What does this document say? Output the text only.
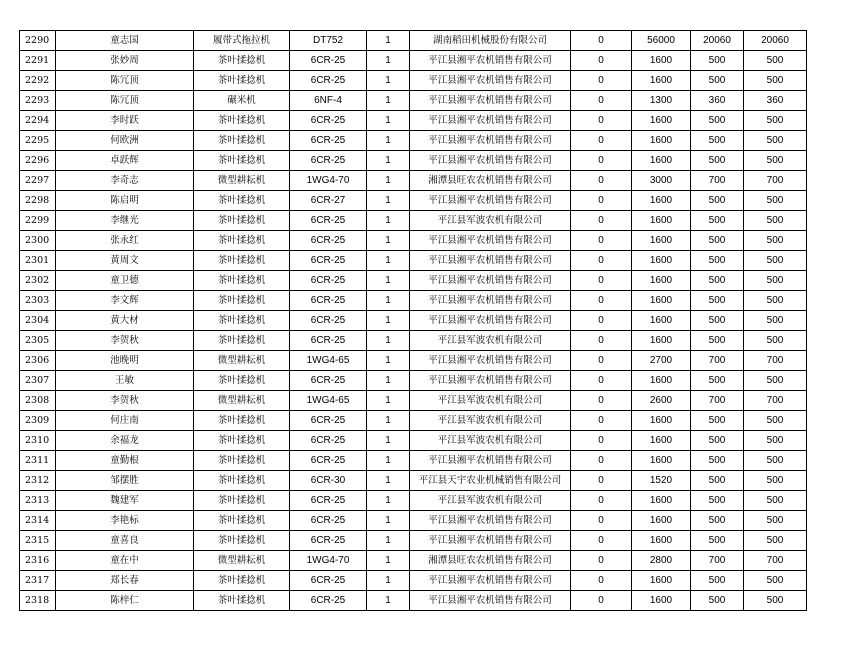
2290	童志国	履带式拖拉机	DT752	1	湖南稻田机械股份有限公司	0	56000	20060	20060
2291	张妙周	茶叶揉捻机	6CR-25	1	平江县湘平农机销售有限公司	0	1600	500	500
2292	陈冗顶	茶叶揉捻机	6CR-25	1	平江县湘平农机销售有限公司	0	1600	500	500
2293	陈冗顶	碾米机	6NF-4	1	平江县湘平农机销售有限公司	0	1300	360	360
2294	李时跃	茶叶揉捻机	6CR-25	1	平江县湘平农机销售有限公司	0	1600	500	500
2295	何欧洲	茶叶揉捻机	6CR-25	1	平江县湘平农机销售有限公司	0	1600	500	500
2296	卓跃辉	茶叶揉捻机	6CR-25	1	平江县湘平农机销售有限公司	0	1600	500	500
2297	李奇志	微型耕耘机	1WG4-70	1	湘潭县旺农农机销售有限公司	0	3000	700	700
2298	陈启明	茶叶揉捻机	6CR-27	1	平江县湘平农机销售有限公司	0	1600	500	500
2299	李继光	茶叶揉捻机	6CR-25	1	平江县军波农机有限公司	0	1600	500	500
2300	张永红	茶叶揉捻机	6CR-25	1	平江县湘平农机销售有限公司	0	1600	500	500
2301	黄周文	茶叶揉捻机	6CR-25	1	平江县湘平农机销售有限公司	0	1600	500	500
2302	童卫德	茶叶揉捻机	6CR-25	1	平江县湘平农机销售有限公司	0	1600	500	500
2303	李文辉	茶叶揉捻机	6CR-25	1	平江县湘平农机销售有限公司	0	1600	500	500
2304	黄大材	茶叶揉捻机	6CR-25	1	平江县湘平农机销售有限公司	0	1600	500	500
2305	李贺秋	茶叶揉捻机	6CR-25	1	平江县军波农机有限公司	0	1600	500	500
2306	池晚明	微型耕耘机	1WG4-65	1	平江县湘平农机销售有限公司	0	2700	700	700
2307	王敏	茶叶揉捻机	6CR-25	1	平江县湘平农机销售有限公司	0	1600	500	500
2308	李贺秋	微型耕耘机	1WG4-65	1	平江县军波农机有限公司	0	2600	700	700
2309	何庄南	茶叶揉捻机	6CR-25	1	平江县军波农机有限公司	0	1600	500	500
2310	余福龙	茶叶揉捻机	6CR-25	1	平江县军波农机有限公司	0	1600	500	500
2311	童勤根	茶叶揉捻机	6CR-25	1	平江县湘平农机销售有限公司	0	1600	500	500
2312	邹摆胜	茶叶揉捻机	6CR-30	1	平江县天宇农业机械销售有限公司	0	1520	500	500
2313	魏建军	茶叶揉捻机	6CR-25	1	平江县军波农机有限公司	0	1600	500	500
2314	李艳标	茶叶揉捻机	6CR-25	1	平江县湘平农机销售有限公司	0	1600	500	500
2315	童喜良	茶叶揉捻机	6CR-25	1	平江县湘平农机销售有限公司	0	1600	500	500
2316	童在中	微型耕耘机	1WG4-70	1	湘潭县旺农农机销售有限公司	0	2800	700	700
2317	郑长春	茶叶揉捻机	6CR-25	1	平江县湘平农机销售有限公司	0	1600	500	500
2318	陈梓仁	茶叶揉捻机	6CR-25	1	平江县湘平农机销售有限公司	0	1600	500	500
